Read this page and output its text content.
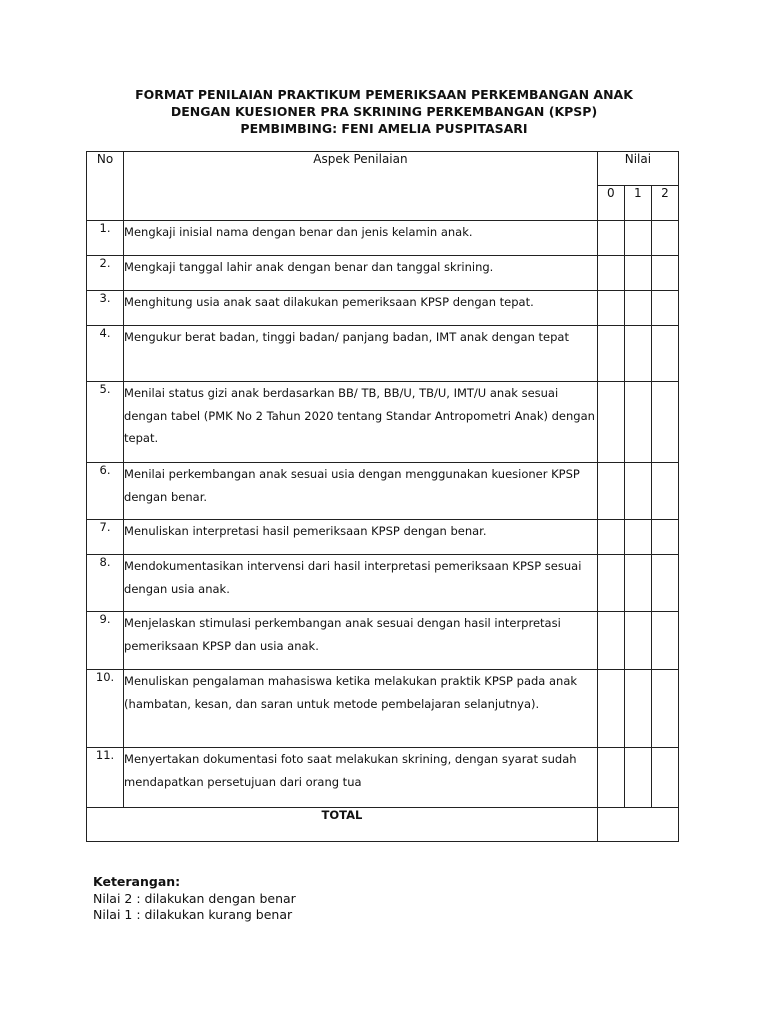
FORMAT PENILAIAN PRAKTIKUM PEMERIKSAAN PERKEMBANGAN ANAK
DENGAN KUESIONER PRA SKRINING PERKEMBANGAN (KPSP)
PEMBIMBING: FENI AMELIA PUSPITASARI
No	Aspek Penilaian	Nilai		
		0	1	2
1.	Mengkaji inisial nama dengan benar dan jenis kelamin anak.			
2.	Mengkaji tanggal lahir anak dengan benar dan tanggal skrining.			
3.	Menghitung usia anak saat dilakukan pemeriksaan KPSP dengan tepat.			
4.	Mengukur berat badan, tinggi badan/ panjang badan, IMT anak dengan tepat			
5.	Menilai status gizi anak berdasarkan BB/ TB, BB/U, TB/U, IMT/U anak sesuai dengan tabel (PMK No 2 Tahun 2020 tentang Standar Antropometri Anak) dengan tepat.			
6.	Menilai perkembangan anak sesuai usia dengan menggunakan kuesioner KPSP dengan benar.			
7.	Menuliskan interpretasi hasil pemeriksaan KPSP dengan benar.			
8.	Mendokumentasikan intervensi dari hasil interpretasi pemeriksaan KPSP sesuai dengan usia anak.			
9.	Menjelaskan stimulasi perkembangan anak sesuai dengan hasil interpretasi pemeriksaan KPSP dan usia anak.			
10.	Menuliskan pengalaman mahasiswa ketika melakukan praktik KPSP pada anak (hambatan, kesan, dan saran untuk metode pembelajaran selanjutnya).			
11.	Menyertakan dokumentasi foto saat melakukan skrining, dengan syarat sudah mendapatkan persetujuan dari orang tua			
TOTAL				
Keterangan:
Nilai 2 : dilakukan dengan benar
Nilai 1 : dilakukan kurang benar
